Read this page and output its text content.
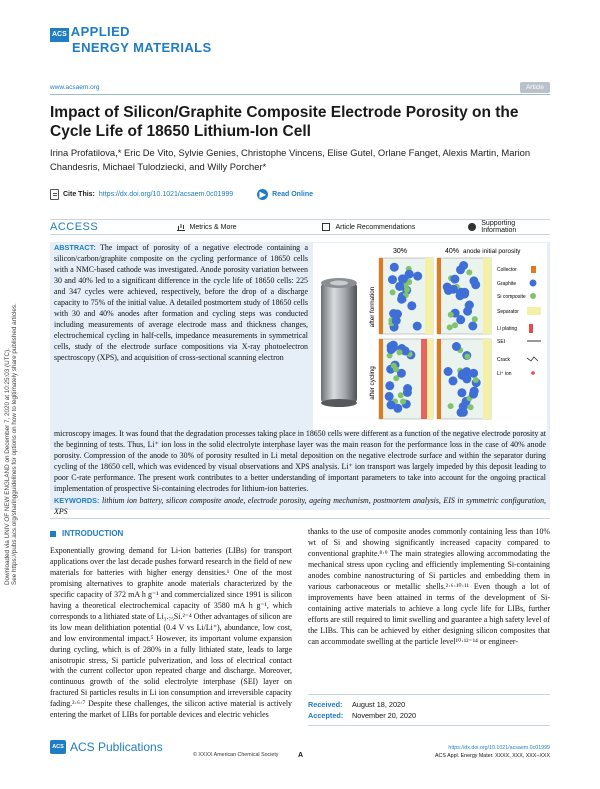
Downloaded via UNIV OF NEW ENGLAND on December 7, 2020 at 10:25:03 (UTC). See https://pubs.acs.org/sharingguidelines for options on how to legitimately share published articles.
ACS APPLIED
ENERGY MATERIALS
www.acsaem.org	Article
Impact of Silicon/Graphite Composite Electrode Porosity on the Cycle Life of 18650 Lithium-Ion Cell
Irina Profatilova,* Eric De Vito, Sylvie Genies, Christophe Vincens, Elise Gutel, Orlane Fanget, Alexis Martin, Marion Chandesris, Michael Tulodziecki, and Willy Porcher*
Cite This: https://dx.doi.org/10.1021/acsaem.0c01999	▶ Read Online
ACCESS	Metrics & More	Article Recommendations	Supporting Information
ABSTRACT: The impact of porosity of a negative electrode containing a silicon/carbon/graphite composite on the cycling performance of 18650 cells with a NMC-based cathode was investigated. Anode porosity variation between 30 and 40% led to a significant difference in the cycle life of 18650 cells: 225 and 347 cycles were achieved, respectively, before the drop of a discharge capacity to 75% of the initial value. A detailed postmortem study of 18650 cells with 30 and 40% anodes after formation and cycling steps was conducted including measurements of average electrode mass and thickness changes, electrochemical cycling in half-cells, impedance measurements in symmetrical cells, study of the electrode surface compositions via X-ray photoelectron spectroscopy (XPS), and acquisition of cross-sectional scanning electron
30%	40% anode initial porosity
after formation
after cycling
Collector
Graphite
Si composite
Separator
Li plating
SEI
Crack
Li⁺ ion
microscopy images. It was found that the degradation processes taking place in 18650 cells were different as a function of the negative electrode porosity at the beginning of tests. Thus, Li⁺ ion loss in the solid electrolyte interphase layer was the main reason for the performance loss in the case of 40% anode porosity. Compression of the anode to 30% of porosity resulted in Li metal deposition on the negative electrode surface and within the separator during cycling of the 18650 cell, which was evidenced by visual observations and XPS analysis. Li⁺ ion transport was largely impeded by this deposit leading to poor C-rate performance. The present work contributes to a better understanding of important parameters to take into account for the ongoing practical implementation of prospective Si-containing electrodes for lithium-ion batteries.
KEYWORDS: lithium ion battery, silicon composite anode, electrode porosity, ageing mechanism, postmortem analysis, EIS in symmetric configuration, XPS
INTRODUCTION
Exponentially growing demand for Li-ion batteries (LIBs) for transport applications over the last decade pushes forward research in the field of new materials for batteries with higher energy densities.¹ One of the most promising alternatives to graphite anode materials characterized by the specific capacity of 372 mA h g⁻¹ and commercialized since 1991 is silicon having a theoretical electrochemical capacity of 3580 mA h g⁻¹, which corresponds to a lithiated state of Li₃.₇₅Si.²⁻⁴ Other advantages of silicon are its low mean delithiation potential (0.4 V vs Li/Li⁺), abundance, low cost, and low environmental impact.⁵ However, its important volume expansion during cycling, which is of 280% in a fully lithiated state, leads to large anisotropic stress, Si particle pulverization, and loss of electrical contact with the current collector upon repeated charge and discharge. Moreover, continuous growth of the solid electrolyte interphase (SEI) layer on fractured Si particles results in Li ion consumption and irreversible capacity fading.²·⁶·⁷ Despite these challenges, the silicon active material is actively entering the market of LIBs for portable devices and electric vehicles
thanks to the use of composite anodes commonly containing less than 10% wt of Si and showing significantly increased capacity compared to conventional graphite.⁸·⁹ The main strategies allowing accommodating the mechanical stress upon cycling and efficiently implementing Si-containing anodes combine nanostructuring of Si particles and embedding them in various carbonaceous or metallic shells.²·⁶·¹⁰·¹¹ Even though a lot of improvements have been attained in terms of the development of Si-containing active materials to achieve a long cycle life for LIBs, further efforts are still required to limit swelling and guarantee a high safety level of the LIBs. This can be achieved by either designing silicon composites that can accommodate swelling at the particle level¹⁰·¹²⁻¹⁴ or engineer-
Received:	August 18, 2020
Accepted:	November 20, 2020
ACS ACS Publications
© XXXX American Chemical Society	A
https://dx.doi.org/10.1021/acsaem.0c01999
ACS Appl. Energy Mater. XXXX, XXX, XXX−XXX
